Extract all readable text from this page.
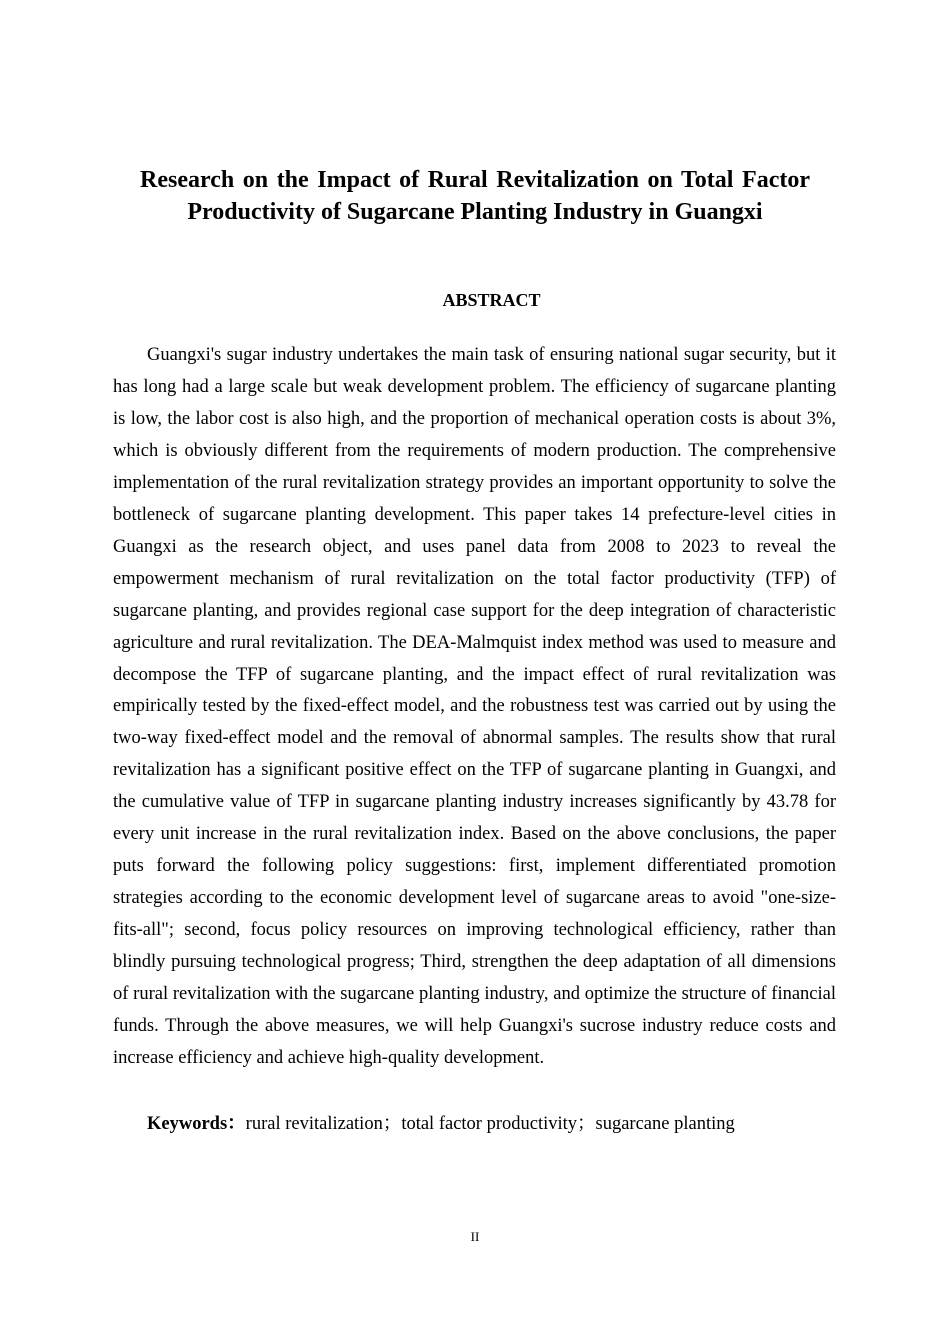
Research on the Impact of Rural Revitalization on Total Factor Productivity of Sugarcane Planting Industry in Guangxi
ABSTRACT

Guangxi's sugar industry undertakes the main task of ensuring national sugar security, but it has long had a large scale but weak development problem. The efficiency of sugarcane planting is low, the labor cost is also high, and the proportion of mechanical operation costs is about 3%, which is obviously different from the requirements of modern production. The comprehensive implementation of the rural revitalization strategy provides an important opportunity to solve the bottleneck of sugarcane planting development. This paper takes 14 prefecture-level cities in Guangxi as the research object, and uses panel data from 2008 to 2023 to reveal the empowerment mechanism of rural revitalization on the total factor productivity (TFP) of sugarcane planting, and provides regional case support for the deep integration of characteristic agriculture and rural revitalization. The DEA-Malmquist index method was used to measure and decompose the TFP of sugarcane planting, and the impact effect of rural revitalization was empirically tested by the fixed-effect model, and the robustness test was carried out by using the two-way fixed-effect model and the removal of abnormal samples. The results show that rural revitalization has a significant positive effect on the TFP of sugarcane planting in Guangxi, and the cumulative value of TFP in sugarcane planting industry increases significantly by 43.78 for every unit increase in the rural revitalization index. Based on the above conclusions, the paper puts forward the following policy suggestions: first, implement differentiated promotion strategies according to the economic development level of sugarcane areas to avoid "one-size-fits-all"; second, focus policy resources on improving technological efficiency, rather than blindly pursuing technological progress; Third, strengthen the deep adaptation of all dimensions of rural revitalization with the sugarcane planting industry, and optimize the structure of financial funds. Through the above measures, we will help Guangxi's sucrose industry reduce costs and increase efficiency and achieve high-quality development.

Keywords：rural revitalization；total factor productivity；sugarcane planting

II
